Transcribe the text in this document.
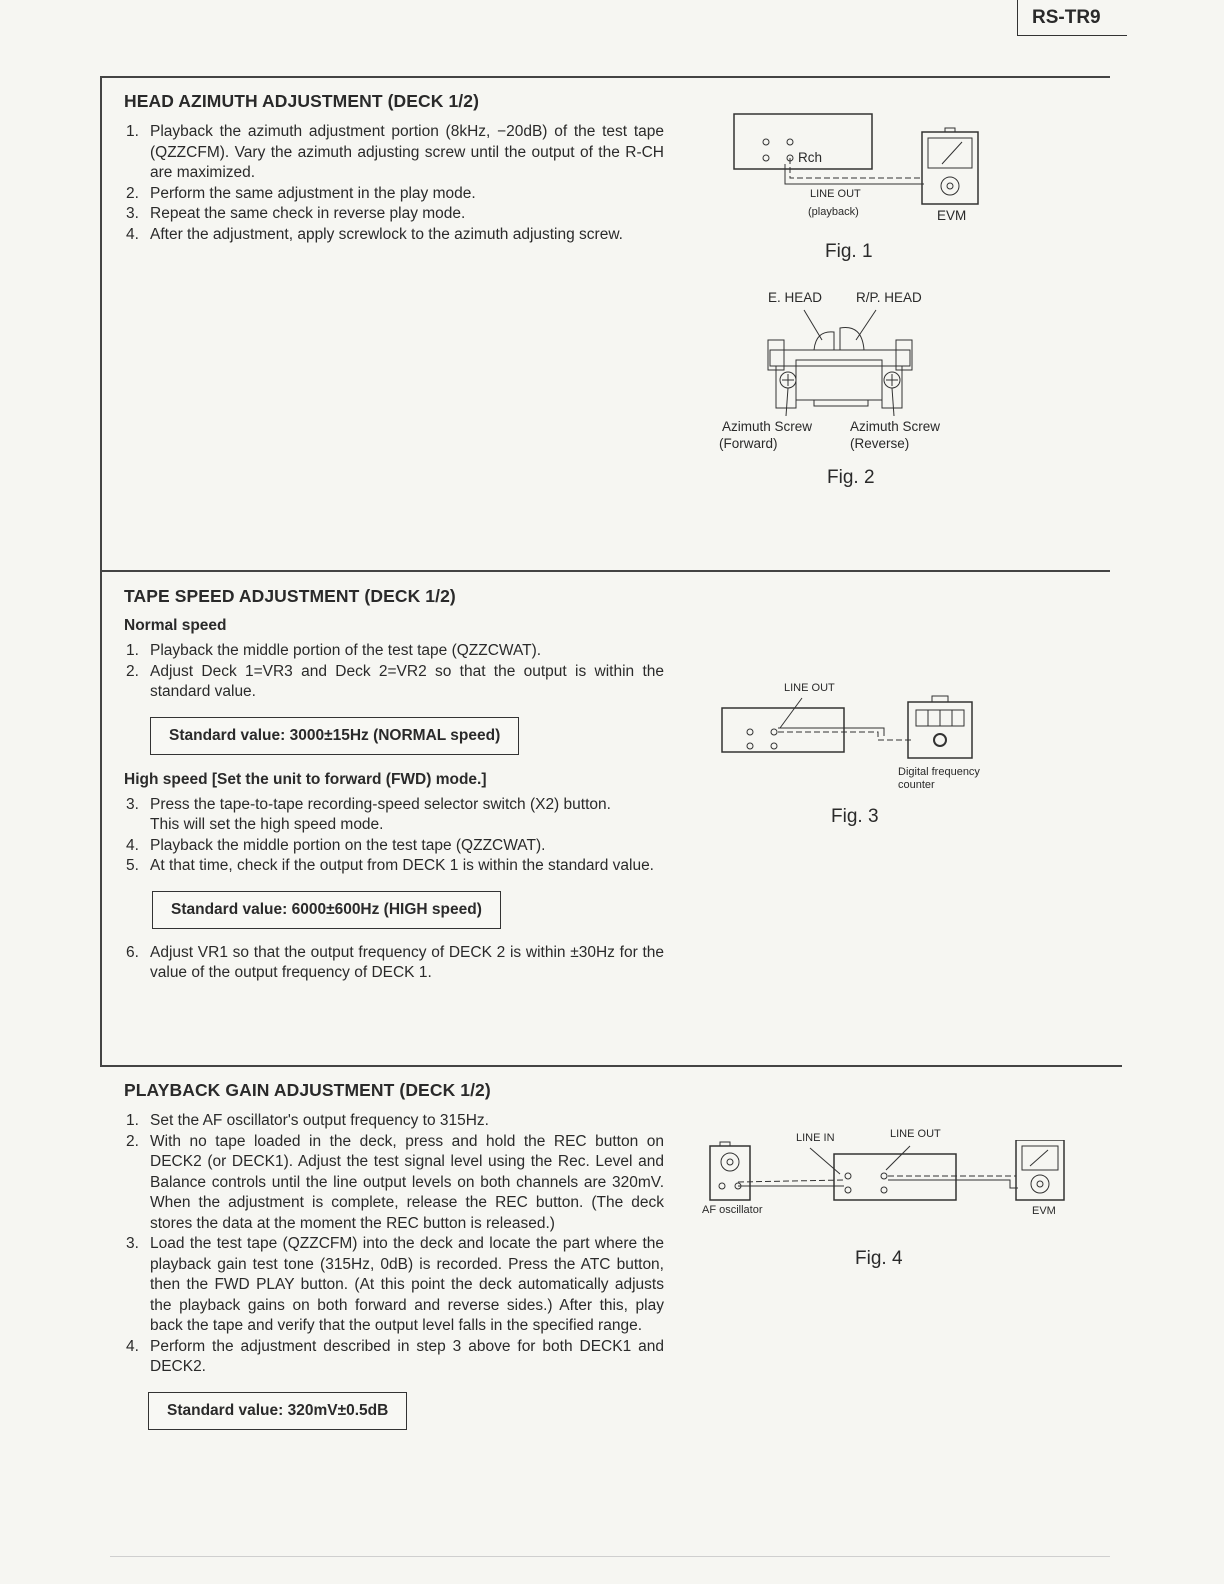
RS-TR9
HEAD AZIMUTH ADJUSTMENT (DECK 1/2)
1. Playback the azimuth adjustment portion (8kHz, −20dB) of the test tape (QZZCFM). Vary the azimuth adjusting screw until the output of the R-CH are maximized.
2. Perform the same adjustment in the play mode.
3. Repeat the same check in reverse play mode.
4. After the adjustment, apply screwlock to the azimuth adjusting screw.
Rch
LINE OUT
(playback)	EVM
Fig. 1
E. HEAD	R/P. HEAD
Azimuth Screw
(Forward)
Azimuth Screw
(Reverse)
Fig. 2
TAPE SPEED ADJUSTMENT (DECK 1/2)
Normal speed
1. Playback the middle portion of the test tape (QZZCWAT).
2. Adjust Deck 1=VR3 and Deck 2=VR2 so that the output is within the standard value.
Standard value: 3000±15Hz (NORMAL speed)
High speed [Set the unit to forward (FWD) mode.]
3. Press the tape-to-tape recording-speed selector switch (X2) button.
This will set the high speed mode.
4. Playback the middle portion on the test tape (QZZCWAT).
5. At that time, check if the output from DECK 1 is within the standard value.
Standard value: 6000±600Hz (HIGH speed)
6. Adjust VR1 so that the output frequency of DECK 2 is within ±30Hz for the value of the output frequency of DECK 1.
LINE OUT
Digital frequency
counter
Fig. 3
PLAYBACK GAIN ADJUSTMENT (DECK 1/2)
1. Set the AF oscillator's output frequency to 315Hz.
2. With no tape loaded in the deck, press and hold the REC button on DECK2 (or DECK1). Adjust the test signal level using the Rec. Level and Balance controls until the line output levels on both channels are 320mV. When the adjustment is complete, release the REC button. (The deck stores the data at the moment the REC button is released.)
3. Load the test tape (QZZCFM) into the deck and locate the part where the playback gain test tone (315Hz, 0dB) is recorded. Press the ATC button, then the FWD PLAY button. (At this point the deck automatically adjusts the playback gains on both forward and reverse sides.) After this, play back the tape and verify that the output level falls in the specified range.
4. Perform the adjustment described in step 3 above for both DECK1 and DECK2.
Standard value: 320mV±0.5dB
LINE IN	LINE OUT
AF oscillator	EVM
Fig. 4
